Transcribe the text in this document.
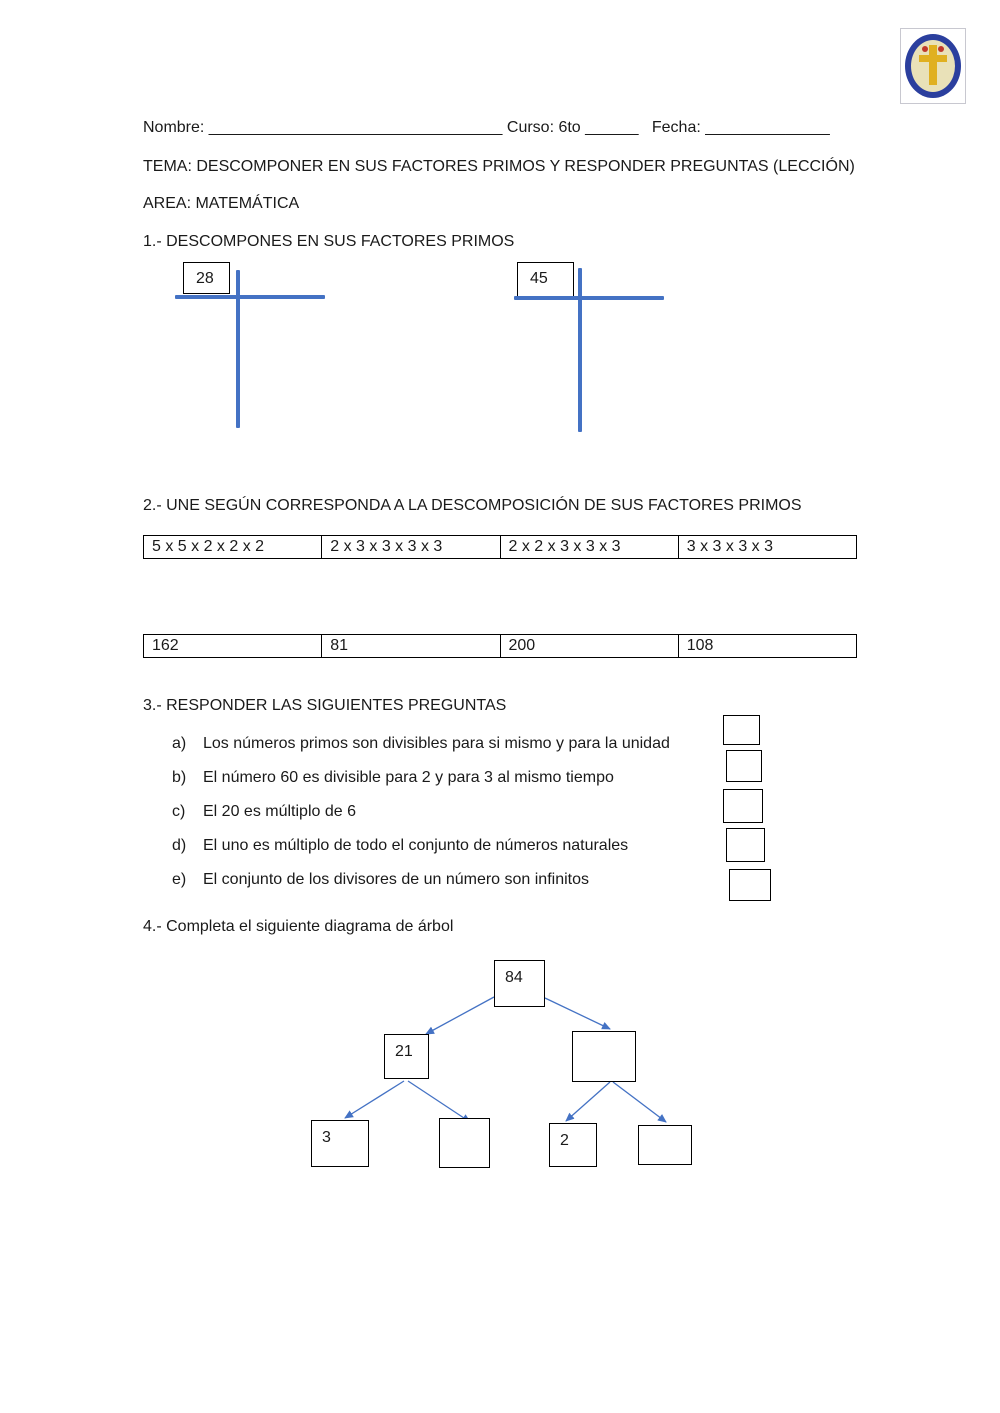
Nombre: _________________________________ Curso: 6to ______   Fecha: ______________
TEMA: DESCOMPONER EN SUS FACTORES PRIMOS Y RESPONDER PREGUNTAS (LECCIÓN)
AREA: MATEMÁTICA
1.- DESCOMPONES EN SUS FACTORES PRIMOS
28	45
2.- UNE SEGÚN CORRESPONDA A LA DESCOMPOSICIÓN DE SUS FACTORES PRIMOS
5 x 5 x 2 x 2 x 2	2 x 3 x 3 x 3 x 3	2 x 2 x 3 x 3 x 3	3 x 3 x 3 x 3
162	81	200	108
3.- RESPONDER LAS SIGUIENTES PREGUNTAS
a) Los números primos son divisibles para si mismo y para la unidad
b) El número 60 es divisible para 2 y para 3 al mismo tiempo
c) El 20 es múltiplo de 6
d) El uno es múltiplo de todo el conjunto de números naturales
e) El conjunto de los divisores de un número son infinitos
4.- Completa el siguiente diagrama de árbol
84
21
3	2
